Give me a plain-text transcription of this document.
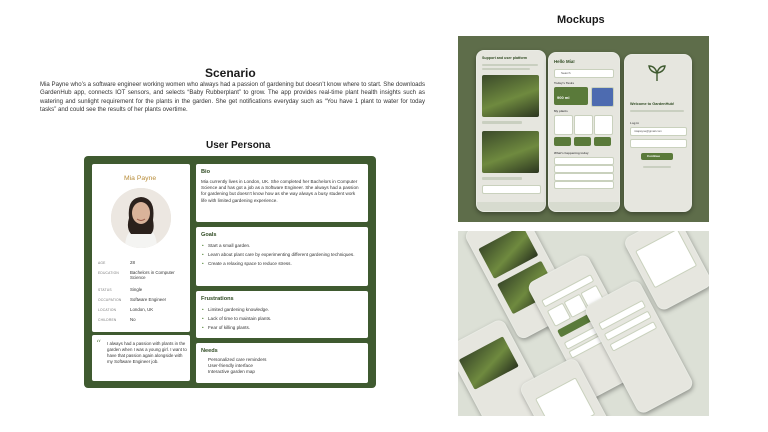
Scenario
Mia Payne who’s a software engineer working women who always had a passion of gardening but doesn’t know where to start. She downloads GardenHub app, connects IOT sensors, and selects “Baby Rubberplant” to grow. The app provides real-time plant health insights such as watering and sunlight requirement for the plants in the garden. She get notifications everyday such as “You have 1 plant to water for today tasks” and could see the results of her plants overtime.
User Persona
Mia Payne
AGE	28
EDUCATION	Bachelors in Computer Science
STATUS	Single
OCCUPATION Software Engineer
LOCATION	London, UK
CHILDREN	No
“ I always had a passion with plants in the garden when I was a young girl. I want to have that passion again alongside with my Software Engineer job.
Bio
Mia currently lives in London, UK. She completed her Bachelors in Computer Science and has got a job as a Software Engineer. She always had a passion for gardening but doesn’t know how as she way always a busy student work life with limited gardening experience.
Goals
• Start a small garden.
• Learn about plant care by experimenting different gardening techniques.
• Create a relaxing space to reduce stress.
Frustrations
• Limited gardening knowledge.
• Lack of time to maintain plants.
• Fear of killing plants.
Needs
Personalized care reminders
User-friendly interface
Interactive garden map
Mockups
Support and user platform
Hello Mia!
Search
Today's Tasks
900 ml
My plants
What's happening today
Welcome to GardenHub!
Log in
miapayne@gmail.com
Continue
